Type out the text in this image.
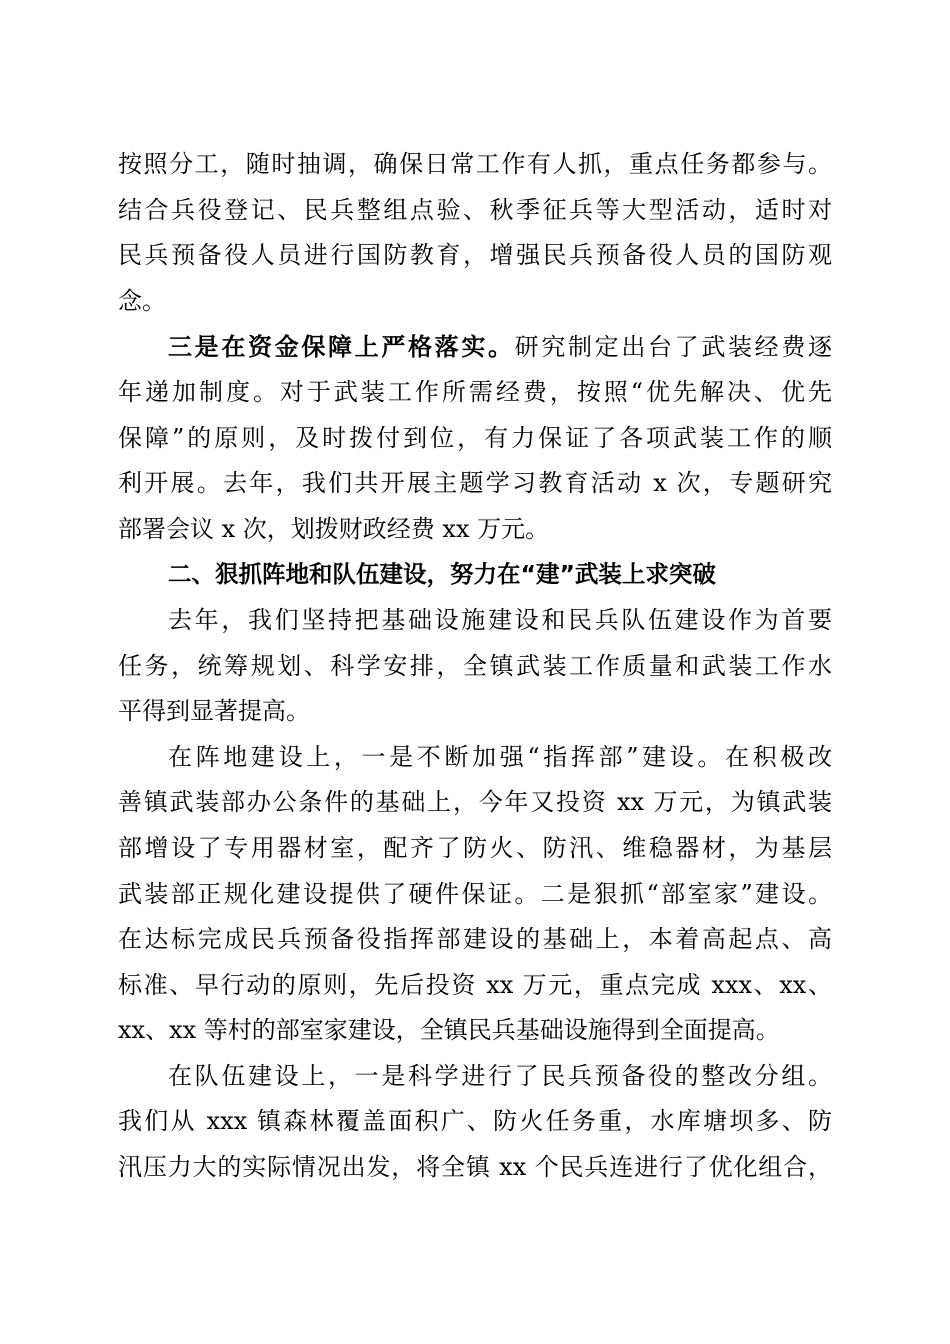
按照分工，随时抽调，确保日常工作有人抓，重点任务都参与。
结合兵役登记、民兵整组点验、秋季征兵等大型活动，适时对
民兵预备役人员进行国防教育，增强民兵预备役人员的国防观
念。
三是在资金保障上严格落实。研究制定出台了武装经费逐
年递加制度。对于武装工作所需经费，按照“优先解决、优先
保障”的原则，及时拨付到位，有力保证了各项武装工作的顺
利开展。去年，我们共开展主题学习教育活动 x 次，专题研究
部署会议 x 次，划拨财政经费 xx 万元。
二、狠抓阵地和队伍建设，努力在“建”武装上求突破
去年，我们坚持把基础设施建设和民兵队伍建设作为首要
任务，统筹规划、科学安排，全镇武装工作质量和武装工作水
平得到显著提高。
在阵地建设上，一是不断加强“指挥部”建设。在积极改
善镇武装部办公条件的基础上，今年又投资 xx 万元，为镇武装
部增设了专用器材室，配齐了防火、防汛、维稳器材，为基层
武装部正规化建设提供了硬件保证。二是狠抓“部室家”建设。
在达标完成民兵预备役指挥部建设的基础上，本着高起点、高
标准、早行动的原则，先后投资 xx 万元，重点完成 xxx、xx、
xx、xx 等村的部室家建设，全镇民兵基础设施得到全面提高。
在队伍建设上，一是科学进行了民兵预备役的整改分组。
我们从 xxx 镇森林覆盖面积广、防火任务重，水库塘坝多、防
汛压力大的实际情况出发，将全镇 xx 个民兵连进行了优化组合，
